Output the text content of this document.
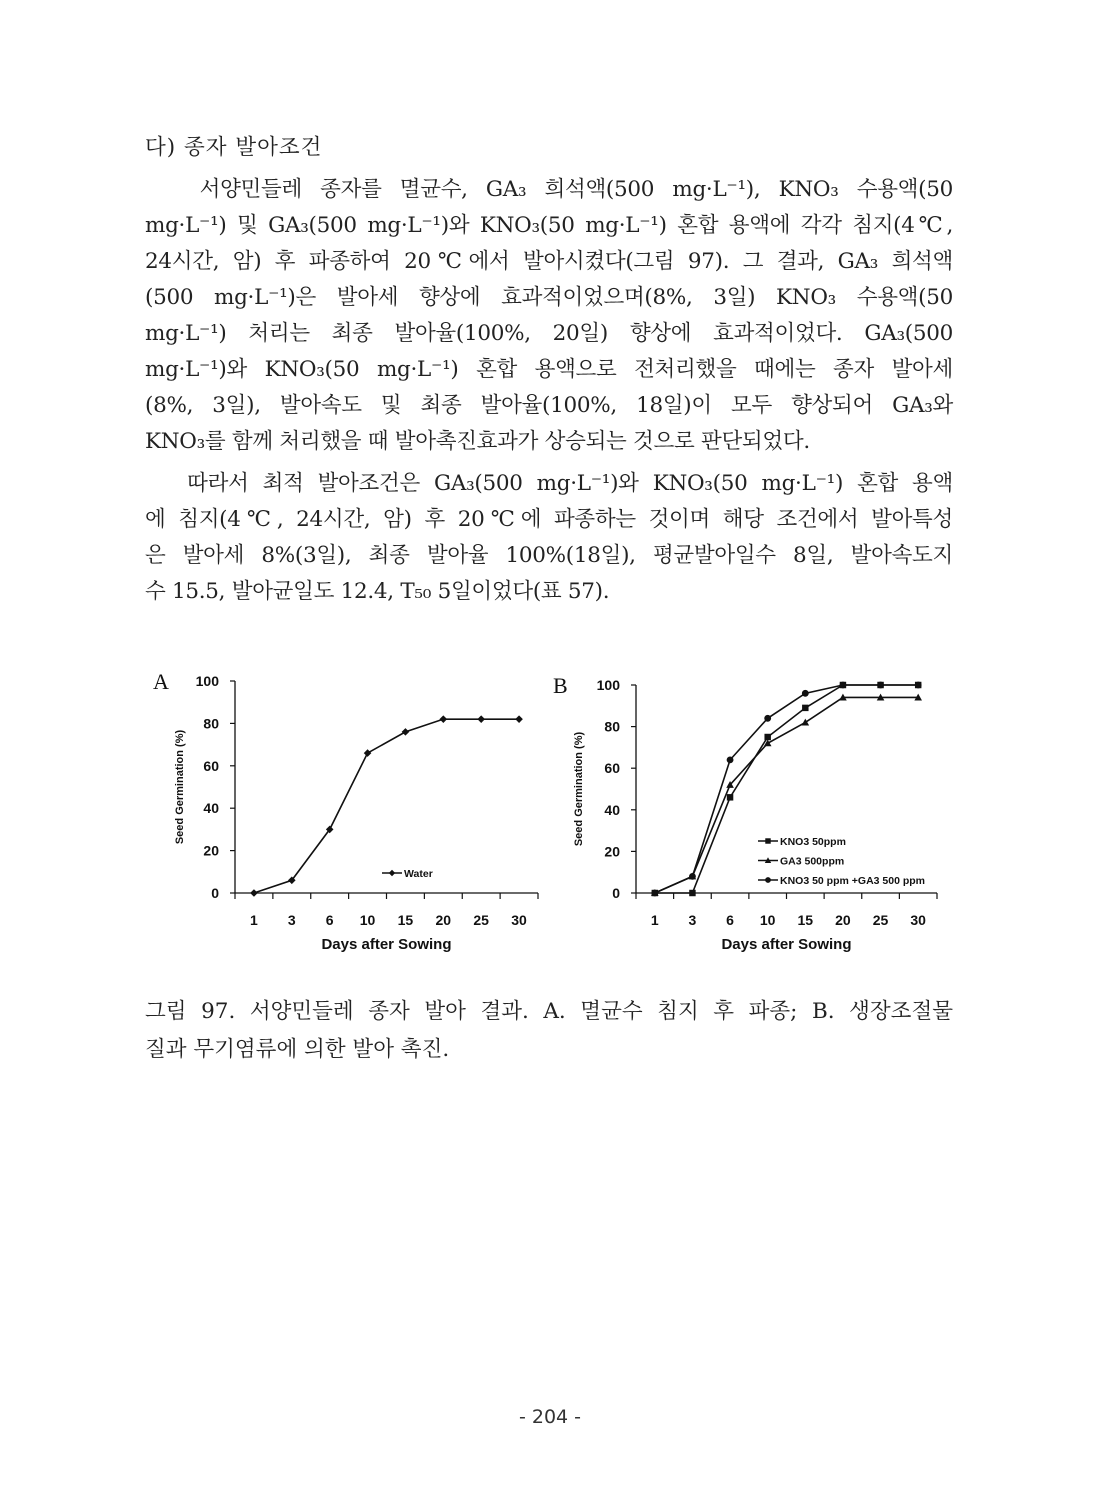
다) 종자 발아조건
서양민들레 종자를 멸균수, GA₃ 희석액(500 mg·L⁻¹), KNO₃ 수용액(50
mg·L⁻¹) 및 GA₃(500 mg·L⁻¹)와 KNO₃(50 mg·L⁻¹) 혼합 용액에 각각 침지(4℃,
24시간, 암) 후 파종하여 20℃에서 발아시켰다(그림 97). 그 결과, GA₃ 희석액
(500 mg·L⁻¹)은 발아세 향상에 효과적이었으며(8%, 3일) KNO₃ 수용액(50
mg·L⁻¹) 처리는 최종 발아율(100%, 20일) 향상에 효과적이었다. GA₃(500
mg·L⁻¹)와 KNO₃(50 mg·L⁻¹) 혼합 용액으로 전처리했을 때에는 종자 발아세
(8%, 3일), 발아속도 및 최종 발아율(100%, 18일)이 모두 향상되어 GA₃와
KNO₃를 함께 처리했을 때 발아촉진효과가 상승되는 것으로 판단되었다.
따라서 최적 발아조건은 GA₃(500 mg·L⁻¹)와 KNO₃(50 mg·L⁻¹) 혼합 용액
에 침지(4℃, 24시간, 암) 후 20℃에 파종하는 것이며 해당 조건에서 발아특성
은 발아세 8%(3일), 최종 발아율 100%(18일), 평균발아일수 8일, 발아속도지
수 15.5, 발아균일도 12.4, T₅₀ 5일이었다(표 57).
A
0
20
40
60
80
100
1 3 6 10 15 20 25 30
Days after Sowing
Seed Germination (%)
Water
B
0
20
40
60
80
100
1 3 6 10 15 20 25 30
Days after Sowing
Seed Germination (%)	KNO3 50ppm
GA3 500ppm
KNO3 50 ppm +GA3 500 ppm
그림 97. 서양민들레 종자 발아 결과. A. 멸균수 침지 후 파종; B. 생장조절물
질과 무기염류에 의한 발아 촉진.
- 204 -
